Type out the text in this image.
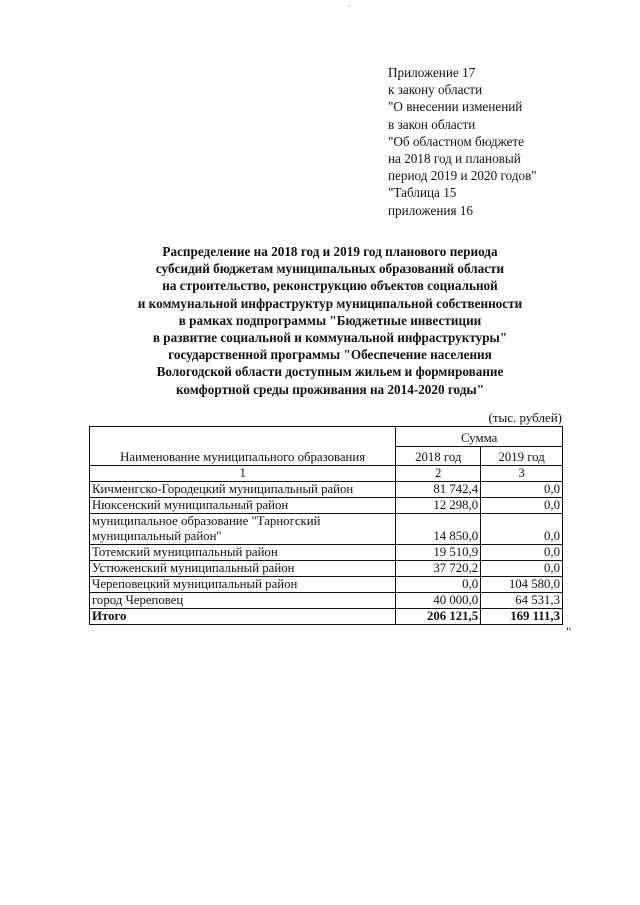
-
Приложение 17
к закону области
"О внесении изменений
в закон области
"Об областном бюджете
на 2018 год и плановый
период 2019 и 2020 годов"
"Таблица 15
приложения 16
Распределение на 2018 год и 2019 год планового периода
субсидий бюджетам муниципальных образований области
на строительство, реконструкцию объектов социальной
и коммунальной инфраструктур муниципальной собственности
в рамках подпрограммы "Бюджетные инвестиции
в развитие социальной и коммунальной инфраструктуры"
государственной программы "Обеспечение населения
Вологодской области доступным жильем и формирование
комфортной среды проживания на 2014-2020 годы"
(тыс. рублей)
Наименование муниципального образования	Сумма	
	2018 год	2019 год
1	2	3
Кичменгско-Городецкий муниципальный район	81 742,4	0,0
Нюксенский муниципальный район	12 298,0	0,0

муниципальное образование "Тарногский
муниципальный район"	14 850,0	0,0
Тотемский муниципальный район	19 510,9	0,0
Устюженский муниципальный район	37 720,2	0,0
Череповецкий муниципальный район	0,0	104 580,0
город Череповец	40 000,0	64 531,3
Итого	206 121,5	169 111,3
"
